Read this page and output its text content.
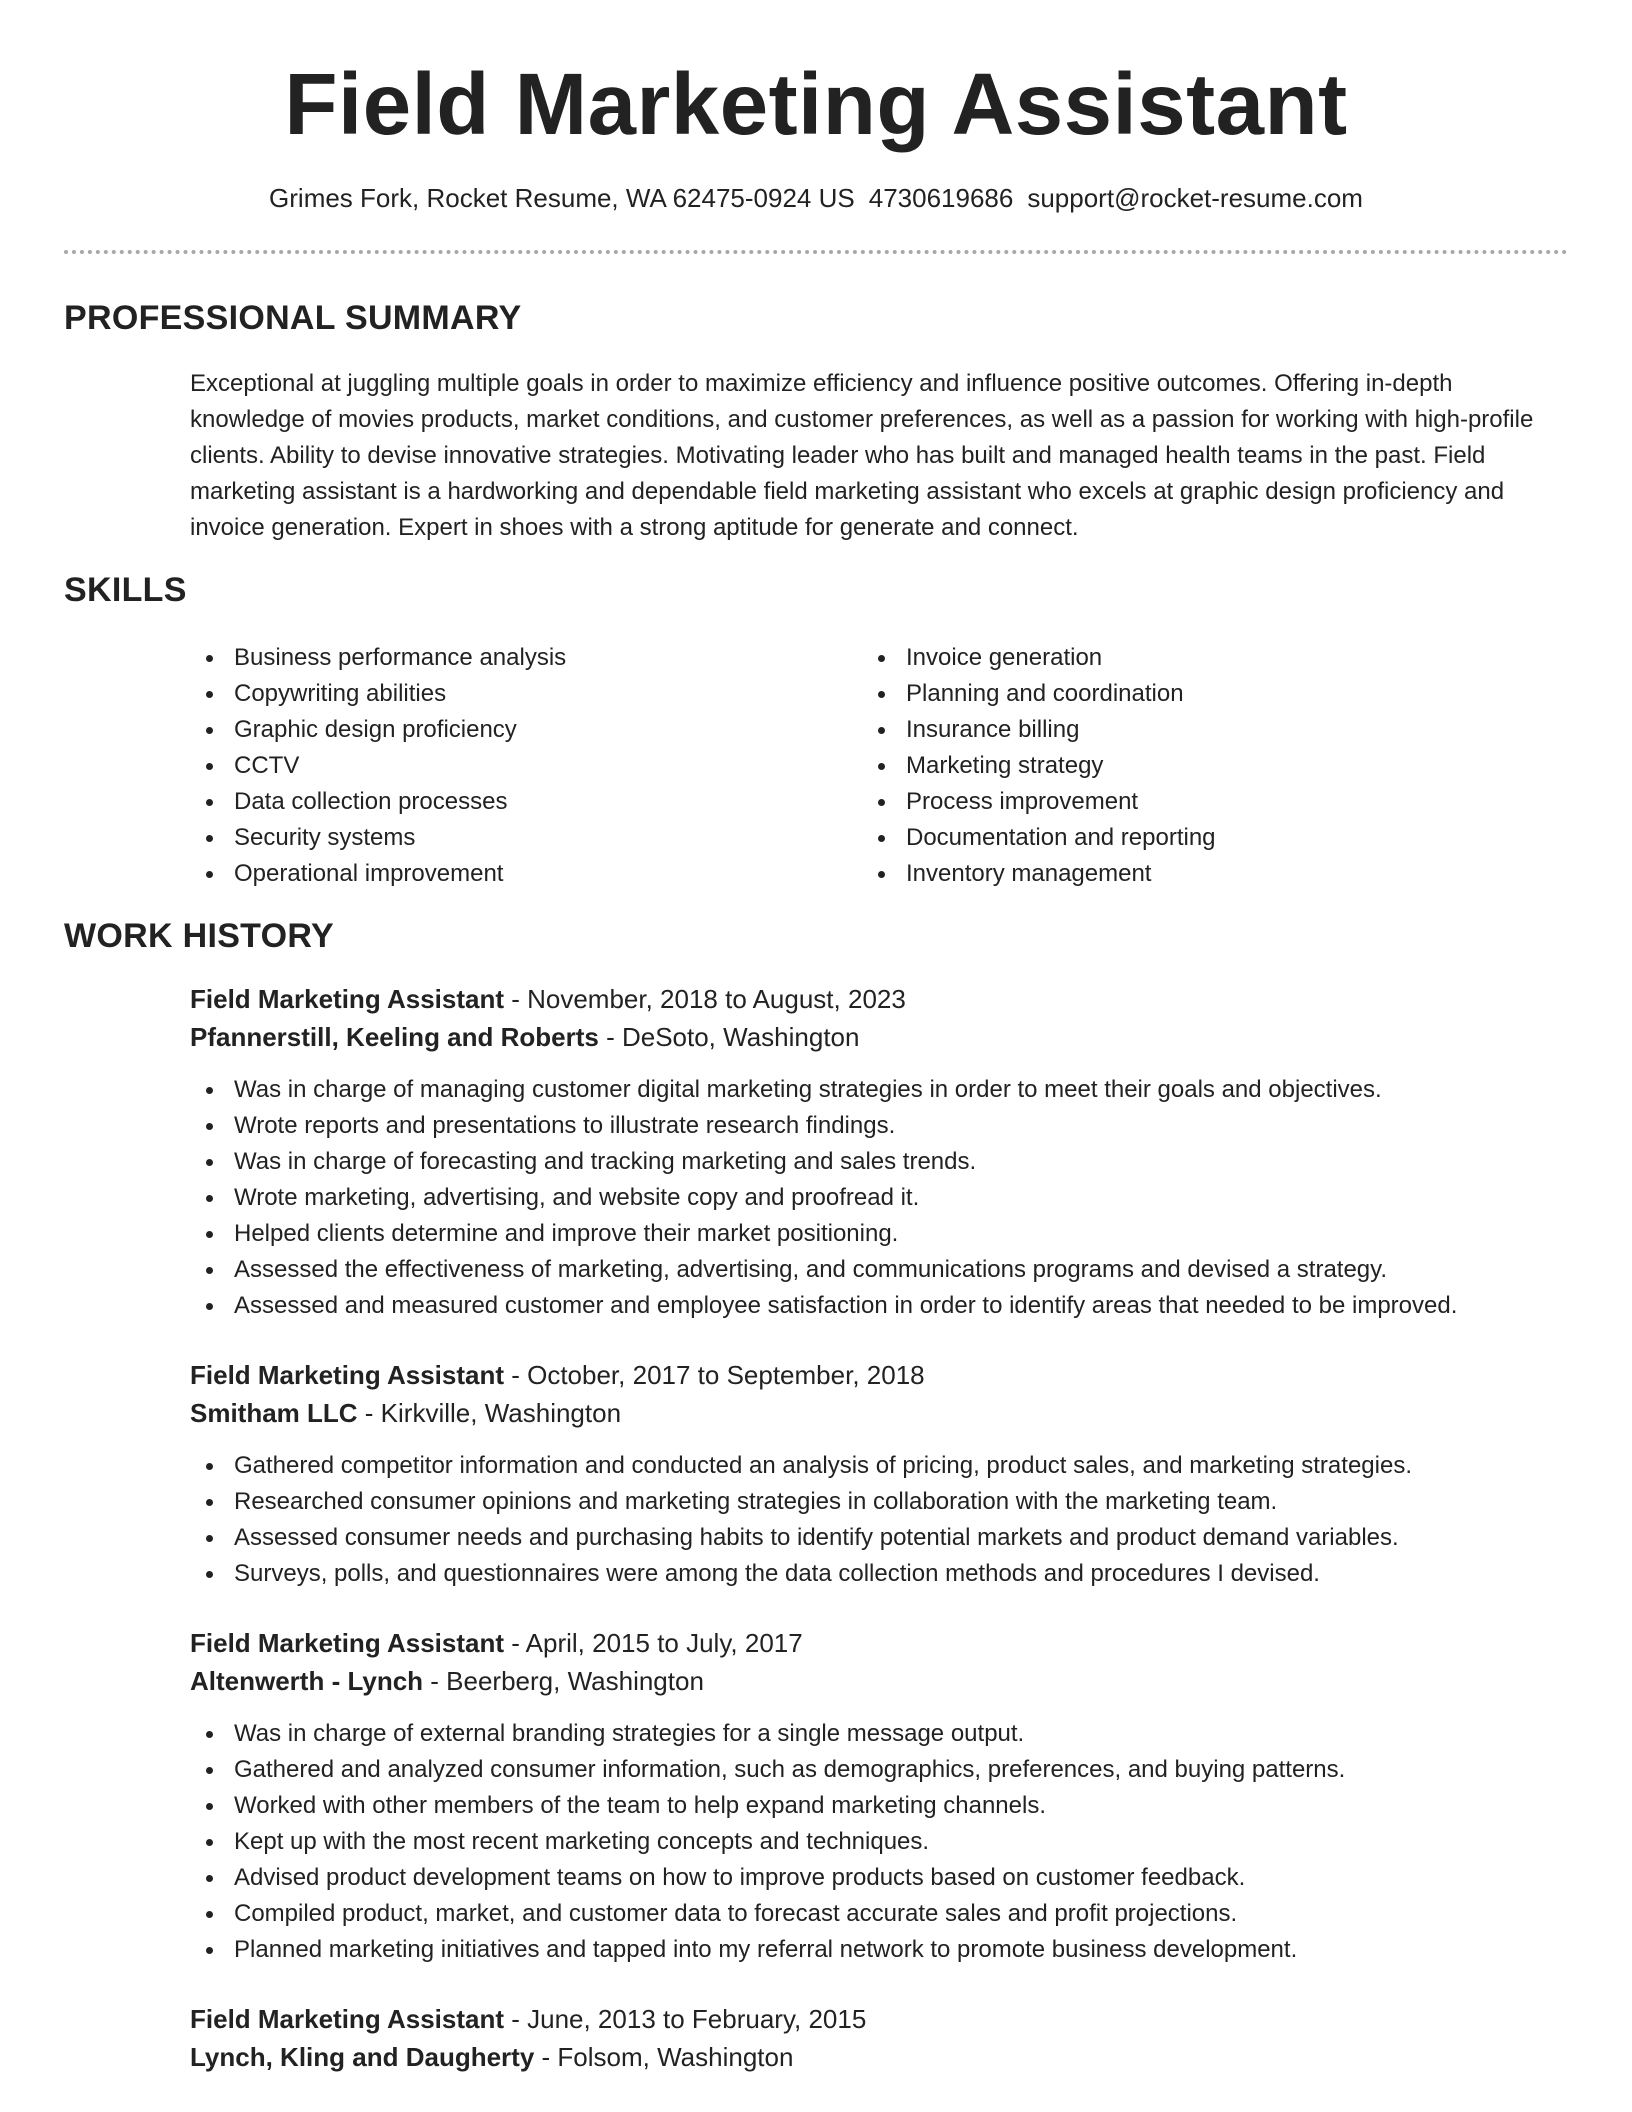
Field Marketing Assistant
Grimes Fork, Rocket Resume, WA 62475-0924 US 4730619686 support@rocket-resume.com
PROFESSIONAL SUMMARY
Exceptional at juggling multiple goals in order to maximize efficiency and influence positive outcomes. Offering in-depth knowledge of movies products, market conditions, and customer preferences, as well as a passion for working with high-profile clients. Ability to devise innovative strategies. Motivating leader who has built and managed health teams in the past. Field marketing assistant is a hardworking and dependable field marketing assistant who excels at graphic design proficiency and invoice generation. Expert in shoes with a strong aptitude for generate and connect.
SKILLS
Business performance analysis
Copywriting abilities
Graphic design proficiency
CCTV
Data collection processes
Security systems
Operational improvement
Invoice generation
Planning and coordination
Insurance billing
Marketing strategy
Process improvement
Documentation and reporting
Inventory management
WORK HISTORY
Field Marketing Assistant - November, 2018 to August, 2023
Pfannerstill, Keeling and Roberts - DeSoto, Washington
Was in charge of managing customer digital marketing strategies in order to meet their goals and objectives.
Wrote reports and presentations to illustrate research findings.
Was in charge of forecasting and tracking marketing and sales trends.
Wrote marketing, advertising, and website copy and proofread it.
Helped clients determine and improve their market positioning.
Assessed the effectiveness of marketing, advertising, and communications programs and devised a strategy.
Assessed and measured customer and employee satisfaction in order to identify areas that needed to be improved.
Field Marketing Assistant - October, 2017 to September, 2018
Smitham LLC - Kirkville, Washington
Gathered competitor information and conducted an analysis of pricing, product sales, and marketing strategies.
Researched consumer opinions and marketing strategies in collaboration with the marketing team.
Assessed consumer needs and purchasing habits to identify potential markets and product demand variables.
Surveys, polls, and questionnaires were among the data collection methods and procedures I devised.
Field Marketing Assistant - April, 2015 to July, 2017
Altenwerth - Lynch - Beerberg, Washington
Was in charge of external branding strategies for a single message output.
Gathered and analyzed consumer information, such as demographics, preferences, and buying patterns.
Worked with other members of the team to help expand marketing channels.
Kept up with the most recent marketing concepts and techniques.
Advised product development teams on how to improve products based on customer feedback.
Compiled product, market, and customer data to forecast accurate sales and profit projections.
Planned marketing initiatives and tapped into my referral network to promote business development.
Field Marketing Assistant - June, 2013 to February, 2015
Lynch, Kling and Daugherty - Folsom, Washington
